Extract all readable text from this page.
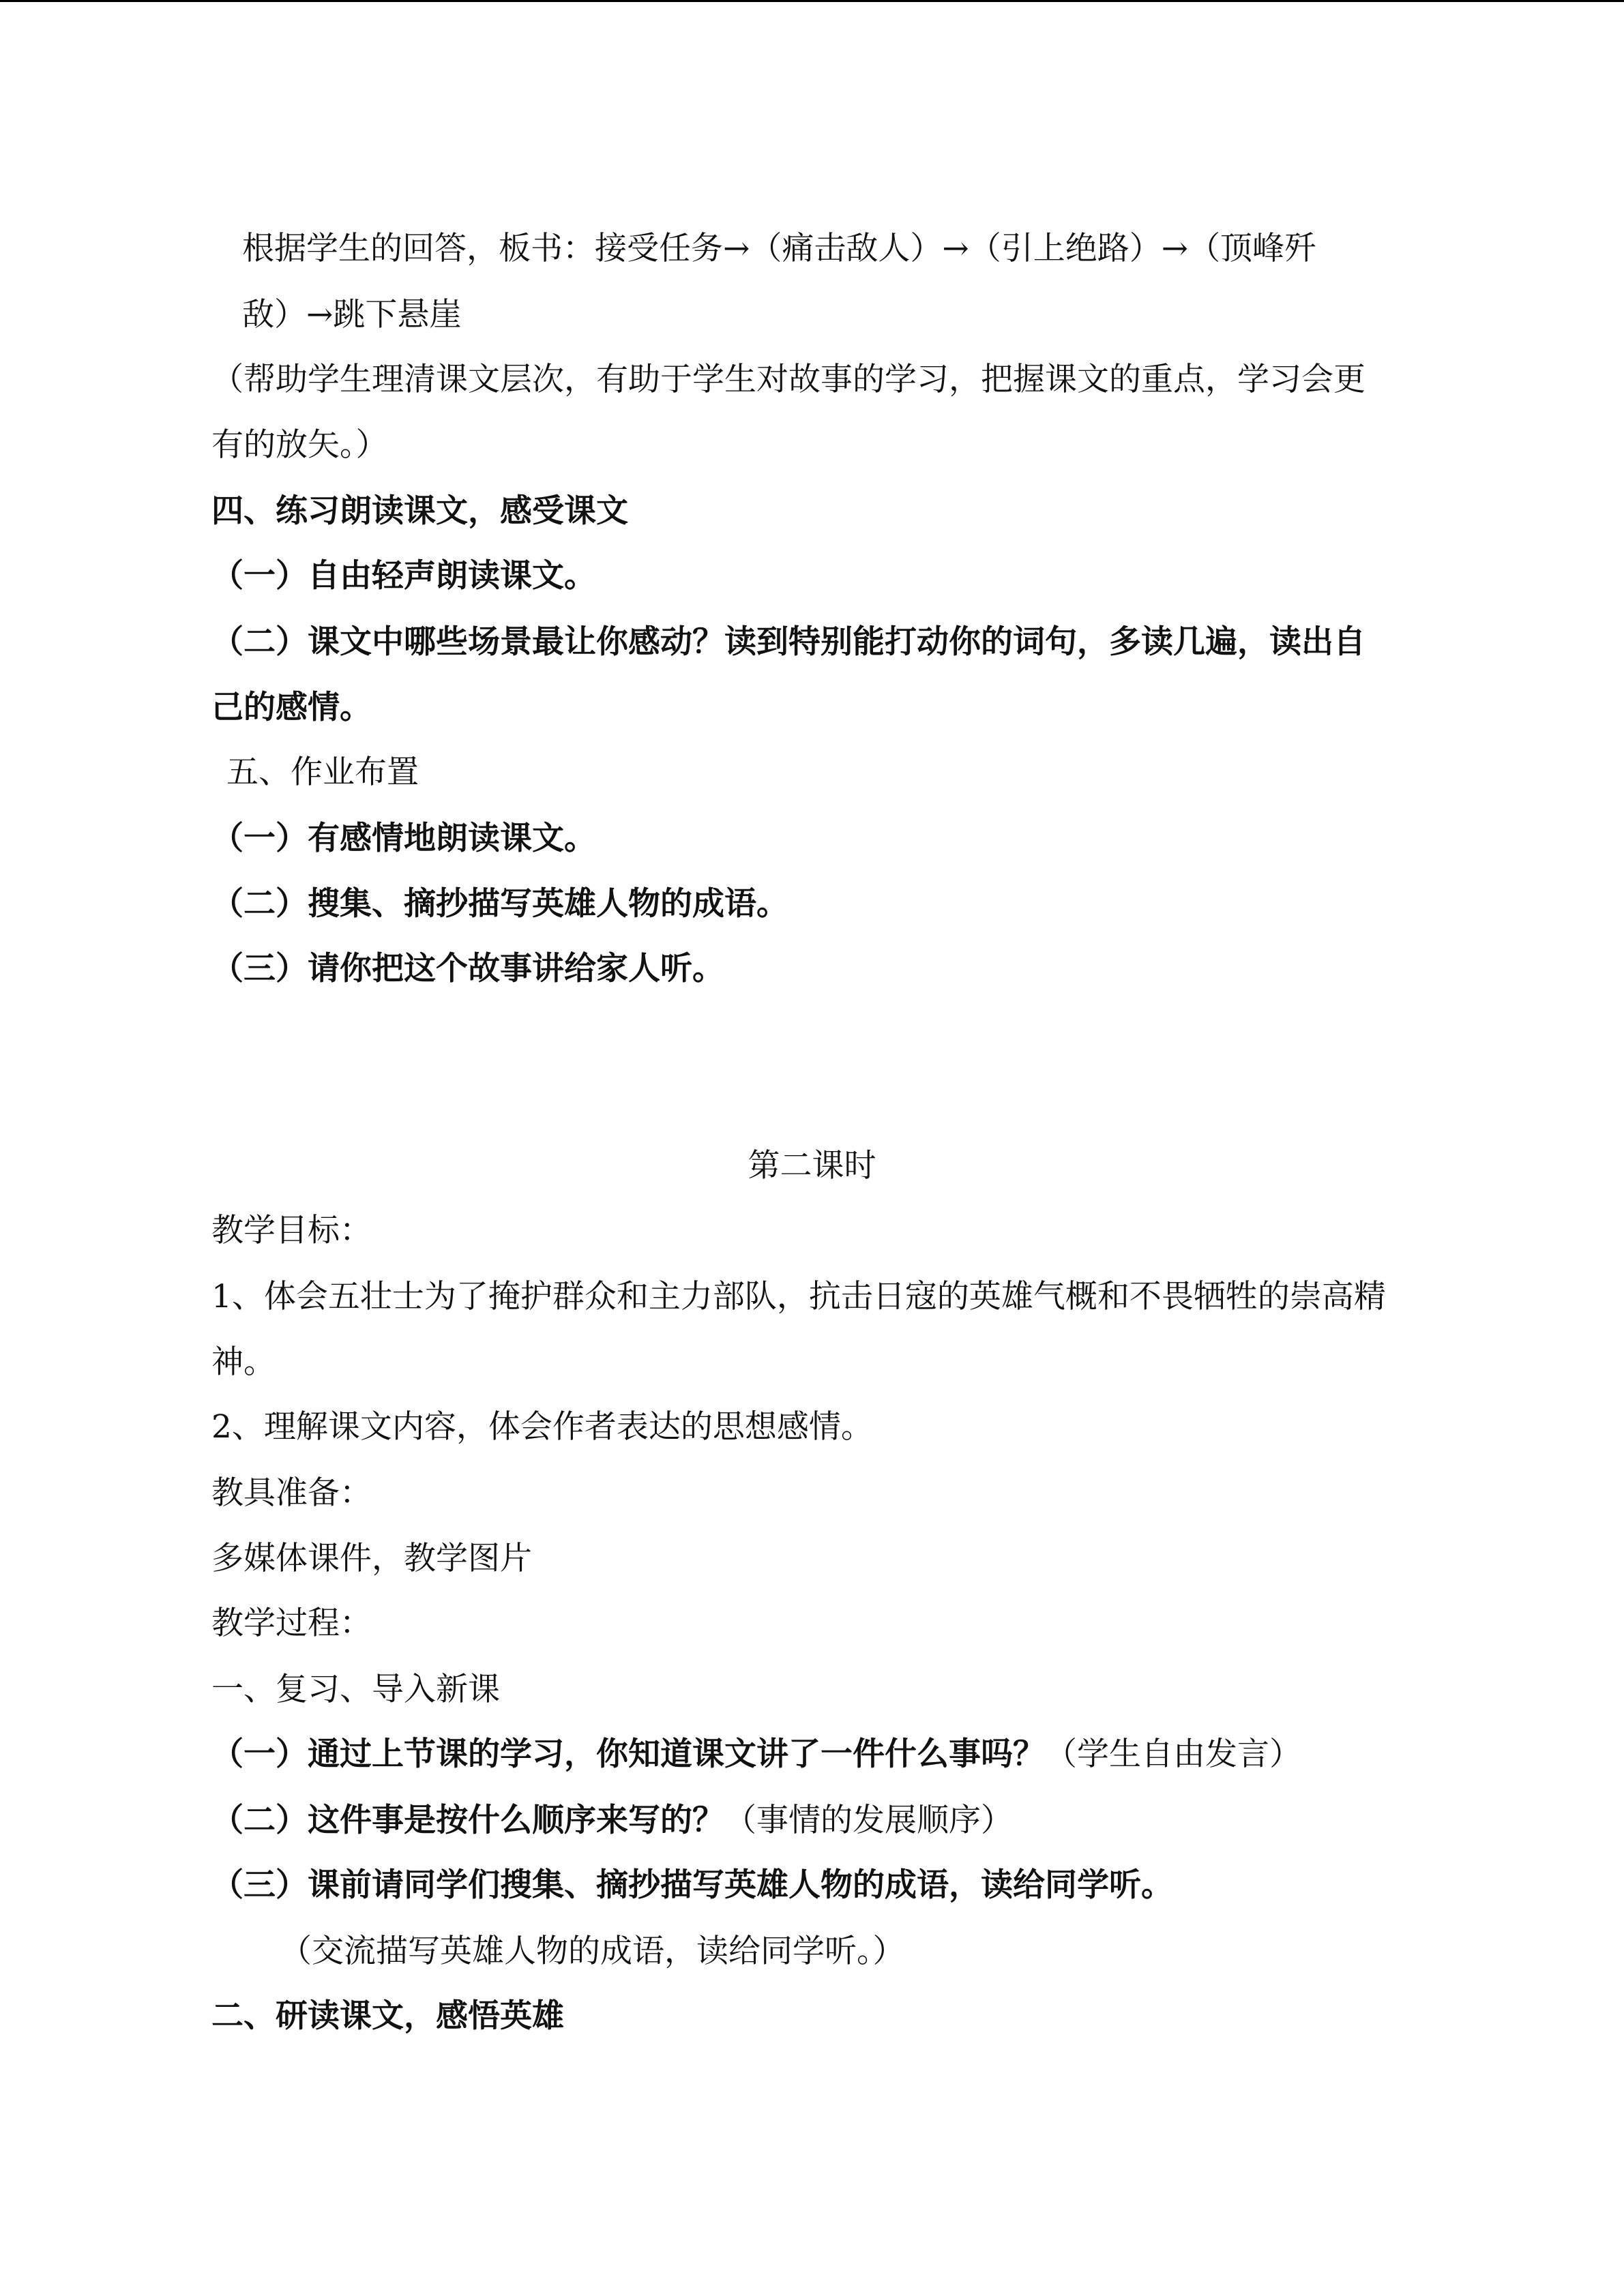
根据学生的回答，板书：接受任务→（痛击敌人）→（引上绝路）→（顶峰歼
敌）→跳下悬崖
（帮助学生理清课文层次，有助于学生对故事的学习，把握课文的重点，学习会更
有的放矢。）
四、练习朗读课文，感受课文
（一）自由轻声朗读课文。
（二）课文中哪些场景最让你感动？读到特别能打动你的词句，多读几遍，读出自
己的感情。
五、作业布置
（一）有感情地朗读课文。
（二）搜集、摘抄描写英雄人物的成语。
（三）请你把这个故事讲给家人听。
第二课时
教学目标：
1、体会五壮士为了掩护群众和主力部队，抗击日寇的英雄气概和不畏牺牲的崇高精
神。
2、理解课文内容，体会作者表达的思想感情。
教具准备：
多媒体课件，教学图片
教学过程：
一、复习、导入新课
（一）通过上节课的学习，你知道课文讲了一件什么事吗？（学生自由发言）
（二）这件事是按什么顺序来写的？（事情的发展顺序）
（三）课前请同学们搜集、摘抄描写英雄人物的成语，读给同学听。
（交流描写英雄人物的成语，读给同学听。）
二、研读课文，感悟英雄
